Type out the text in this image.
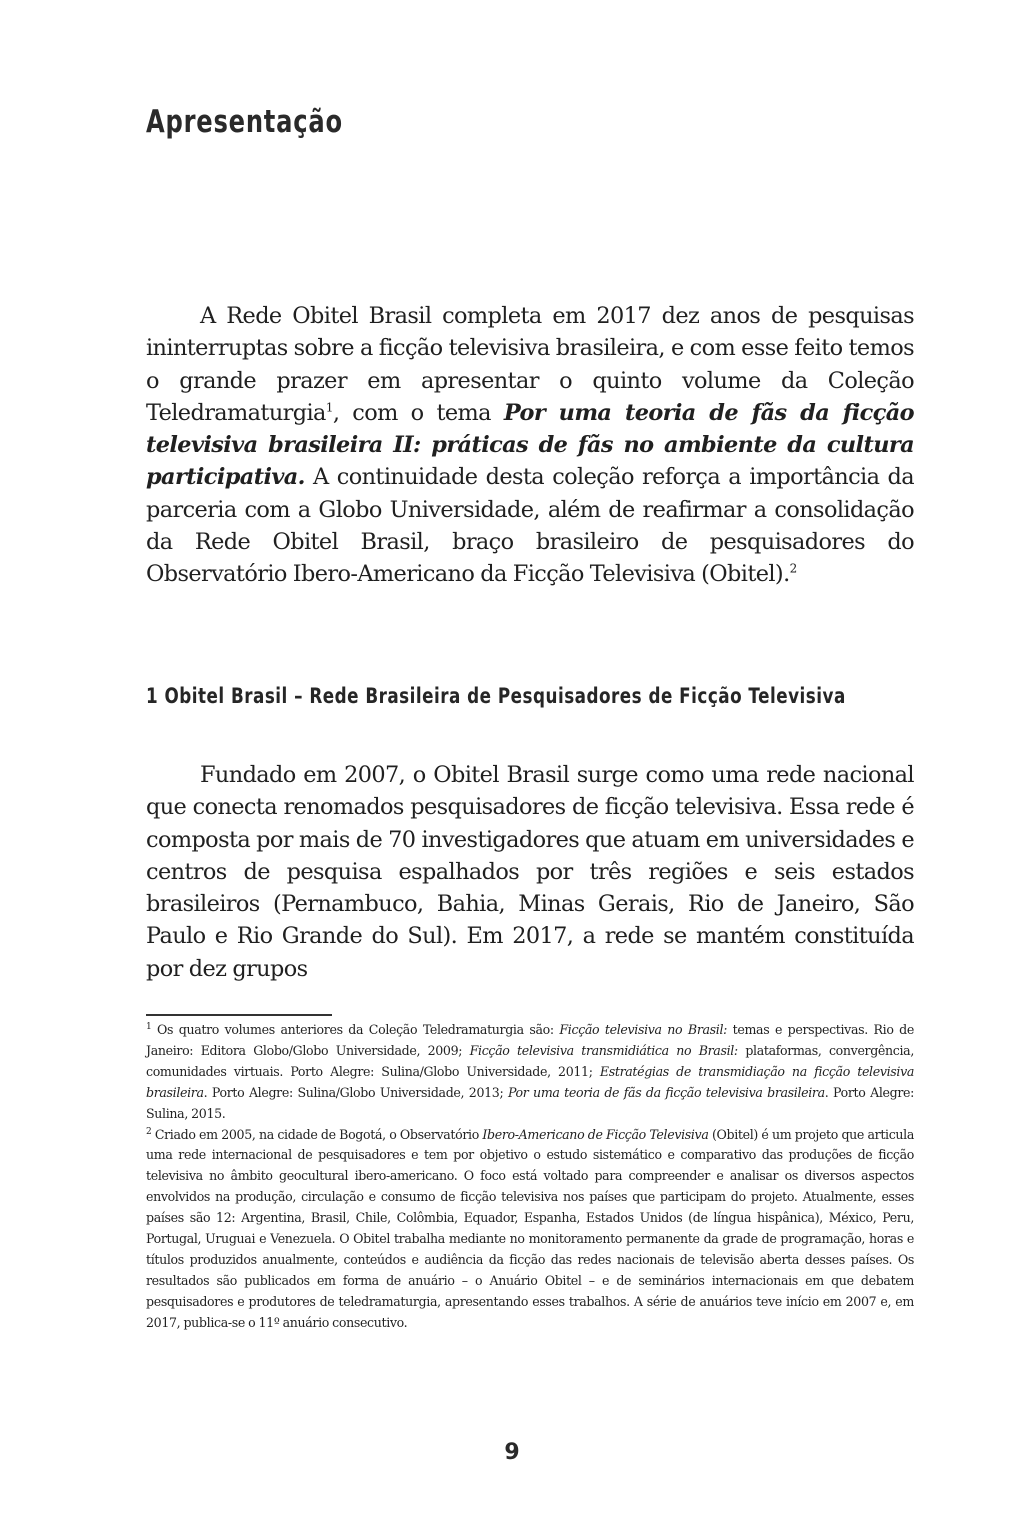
Apresentação

A Rede Obitel Brasil completa em 2017 dez anos de pesquisas ininterruptas sobre a ficção televisiva brasileira, e com esse feito temos o grande prazer em apresentar o quinto volume da Coleção Teledramaturgia$^1$, com o tema Por uma teoria de fãs da ficção televisiva brasileira II: práticas de fãs no ambiente da cultura participativa. A continuidade desta coleção reforça a importância da parceria com a Globo Universidade, além de reafirmar a consolidação da Rede Obitel Brasil, braço brasileiro de pesquisadores do Observatório Ibero-Americano da Ficção Televisiva (Obitel).$^2$

1 Obitel Brasil – Rede Brasileira de Pesquisadores de Ficção Televisiva

Fundado em 2007, o Obitel Brasil surge como uma rede nacional que conecta renomados pesquisadores de ficção televisiva. Essa rede é composta por mais de 70 investigadores que atuam em universidades e centros de pesquisa espalhados por três regiões e seis estados brasileiros (Pernambuco, Bahia, Minas Gerais, Rio de Janeiro, São Paulo e Rio Grande do Sul). Em 2017, a rede se mantém constituída por dez grupos

$^1$ Os quatro volumes anteriores da Coleção Teledramaturgia são: Ficção televisiva no Brasil: temas e perspectivas. Rio de Janeiro: Editora Globo/Globo Universidade, 2009; Ficção televisiva transmidiática no Brasil: plataformas, convergência, comunidades virtuais. Porto Alegre: Sulina/Globo Universidade, 2011; Estratégias de transmidiação na ficção televisiva brasileira. Porto Alegre: Sulina/Globo Universidade, 2013; Por uma teoria de fãs da ficção televisiva brasileira. Porto Alegre: Sulina, 2015.

$^2$ Criado em 2005, na cidade de Bogotá, o Observatório Ibero-Americano de Ficção Televisiva (Obitel) é um projeto que articula uma rede internacional de pesquisadores e tem por objetivo o estudo sistemático e comparativo das produções de ficção televisiva no âmbito geocultural ibero-americano. O foco está voltado para compreender e analisar os diversos aspectos envolvidos na produção, circulação e consumo de ficção televisiva nos países que participam do projeto. Atualmente, esses países são 12: Argentina, Brasil, Chile, Colômbia, Equador, Espanha, Estados Unidos (de língua hispânica), México, Peru, Portugal, Uruguai e Venezuela. O Obitel trabalha mediante no monitoramento permanente da grade de programação, horas e títulos produzidos anualmente, conteúdos e audiência da ficção das redes nacionais de televisão aberta desses países. Os resultados são publicados em forma de anuário – o Anuário Obitel – e de seminários internacionais em que debatem pesquisadores e produtores de teledramaturgia, apresentando esses trabalhos. A série de anuários teve início em 2007 e, em 2017, publica-se o 11º anuário consecutivo.

9
